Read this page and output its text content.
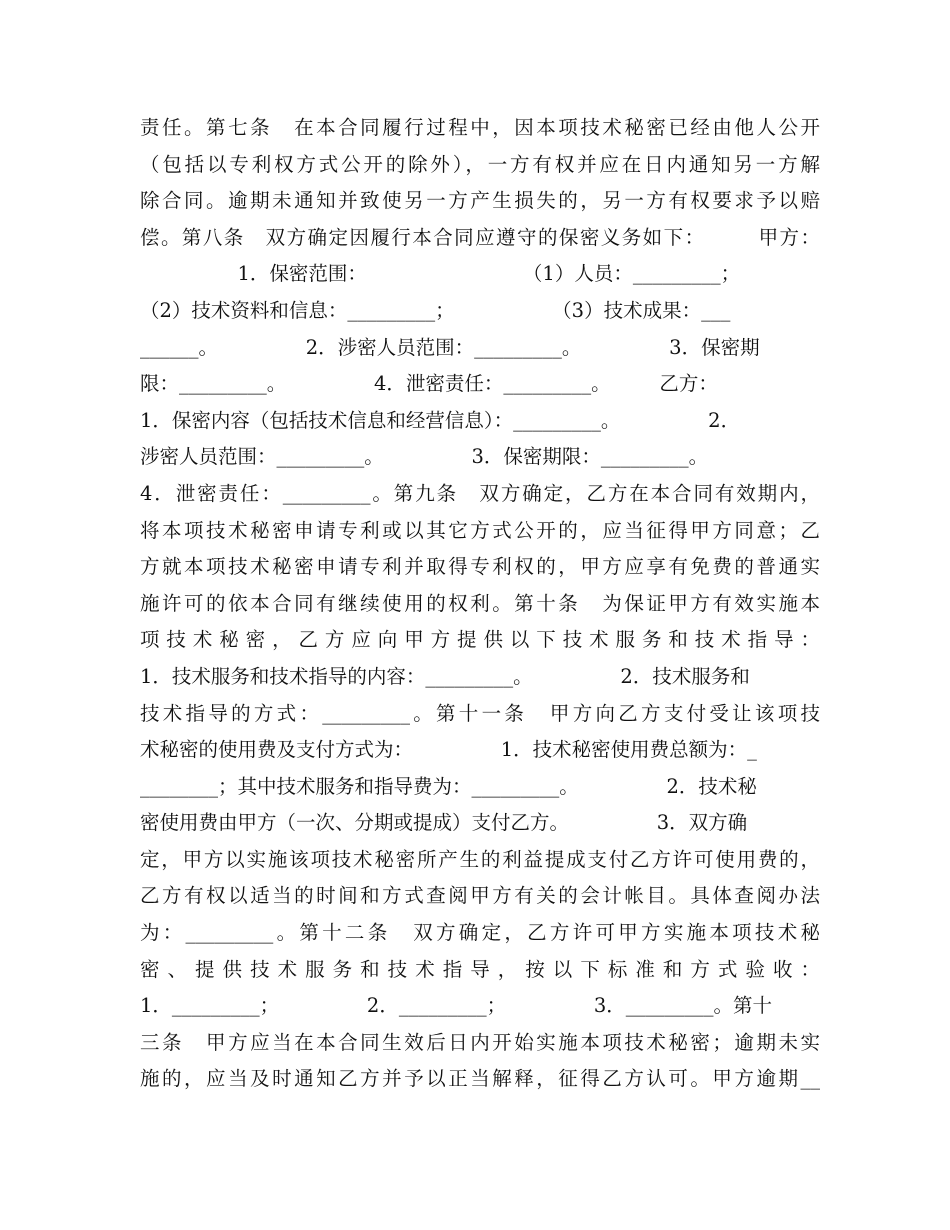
责任。第七条　在本合同履行过程中，因本项技术秘密已经由他人公开
（包括以专利权方式公开的除外），一方有权并应在日内通知另一方解
除合同。逾期未通知并致使另一方产生损失的，另一方有权要求予以赔
偿。第八条　双方确定因履行本合同应遵守的保密义务如下：　　　甲方：
　　　　　1．保密范围：　　　　　　　　　（1）人员：_________；
（2）技术资料和信息：_________；　　　　　　（3）技术成果：___
______。　　　　　2．涉密人员范围：_________。　　　　　3．保密期
限：_________。　　　　　4．泄密责任：_________。　　　乙方：
1．保密内容（包括技术信息和经营信息）：_________。　　　　　2．
涉密人员范围：_________。　　　　　3．保密期限：_________。
4．泄密责任：_________。第九条　双方确定，乙方在本合同有效期内，
将本项技术秘密申请专利或以其它方式公开的，应当征得甲方同意；乙
方就本项技术秘密申请专利并取得专利权的，甲方应享有免费的普通实
施许可的依本合同有继续使用的权利。第十条　为保证甲方有效实施本
项技术秘密，乙方应向甲方提供以下技术服务和技术指导：
1．技术服务和技术指导的内容：_________。　　　　　2．技术服务和
技术指导的方式：_________。第十一条　甲方向乙方支付受让该项技
术秘密的使用费及支付方式为：　　　　　1．技术秘密使用费总额为：_
________；其中技术服务和指导费为：_________。　　　　　2．技术秘
密使用费由甲方（一次、分期或提成）支付乙方。　　　　　3．双方确
定，甲方以实施该项技术秘密所产生的利益提成支付乙方许可使用费的，
乙方有权以适当的时间和方式查阅甲方有关的会计帐目。具体查阅办法
为：_________。第十二条　双方确定，乙方许可甲方实施本项技术秘
密、提供技术服务和技术指导，按以下标准和方式验收：
1．_________；　　　　　2．_________；　　　　　3．_________。第十
三条　甲方应当在本合同生效后日内开始实施本项技术秘密；逾期未实
施的，应当及时通知乙方并予以正当解释，征得乙方认可。甲方逾期__
